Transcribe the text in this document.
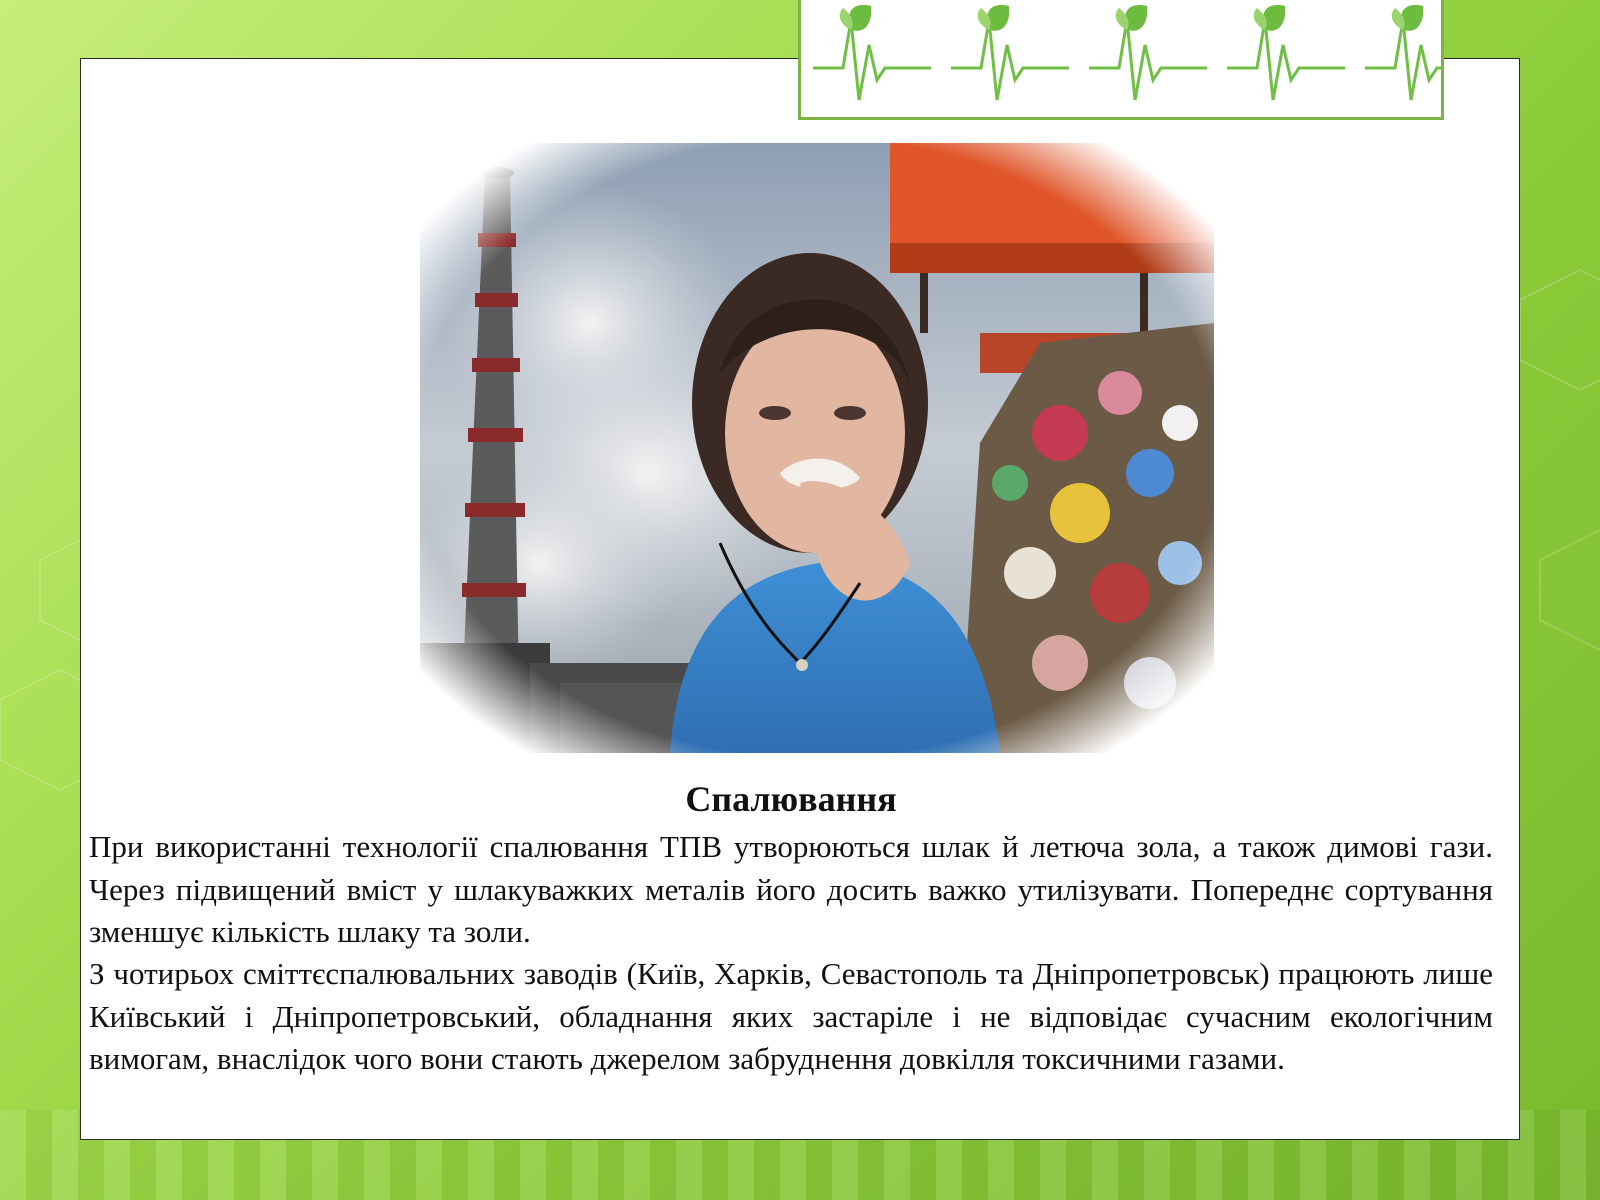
Спалювання

При використанні технології спалювання ТПВ утворюються шлак й летюча зола, а також димові гази. Через підвищений вміст у шлакуважких металів його досить важко утилізувати. Попереднє сортування зменшує кількість шлаку та золи.

З чотирьох сміттєспалювальних заводів (Київ, Харків, Севастополь та Дніпропетровськ) працюють лише Київський і Дніпропетровський, обладнання яких застаріле і не відповідає сучасним екологічним вимогам, внаслідок чого вони стають джерелом забруднення довкілля токсичними газами.
